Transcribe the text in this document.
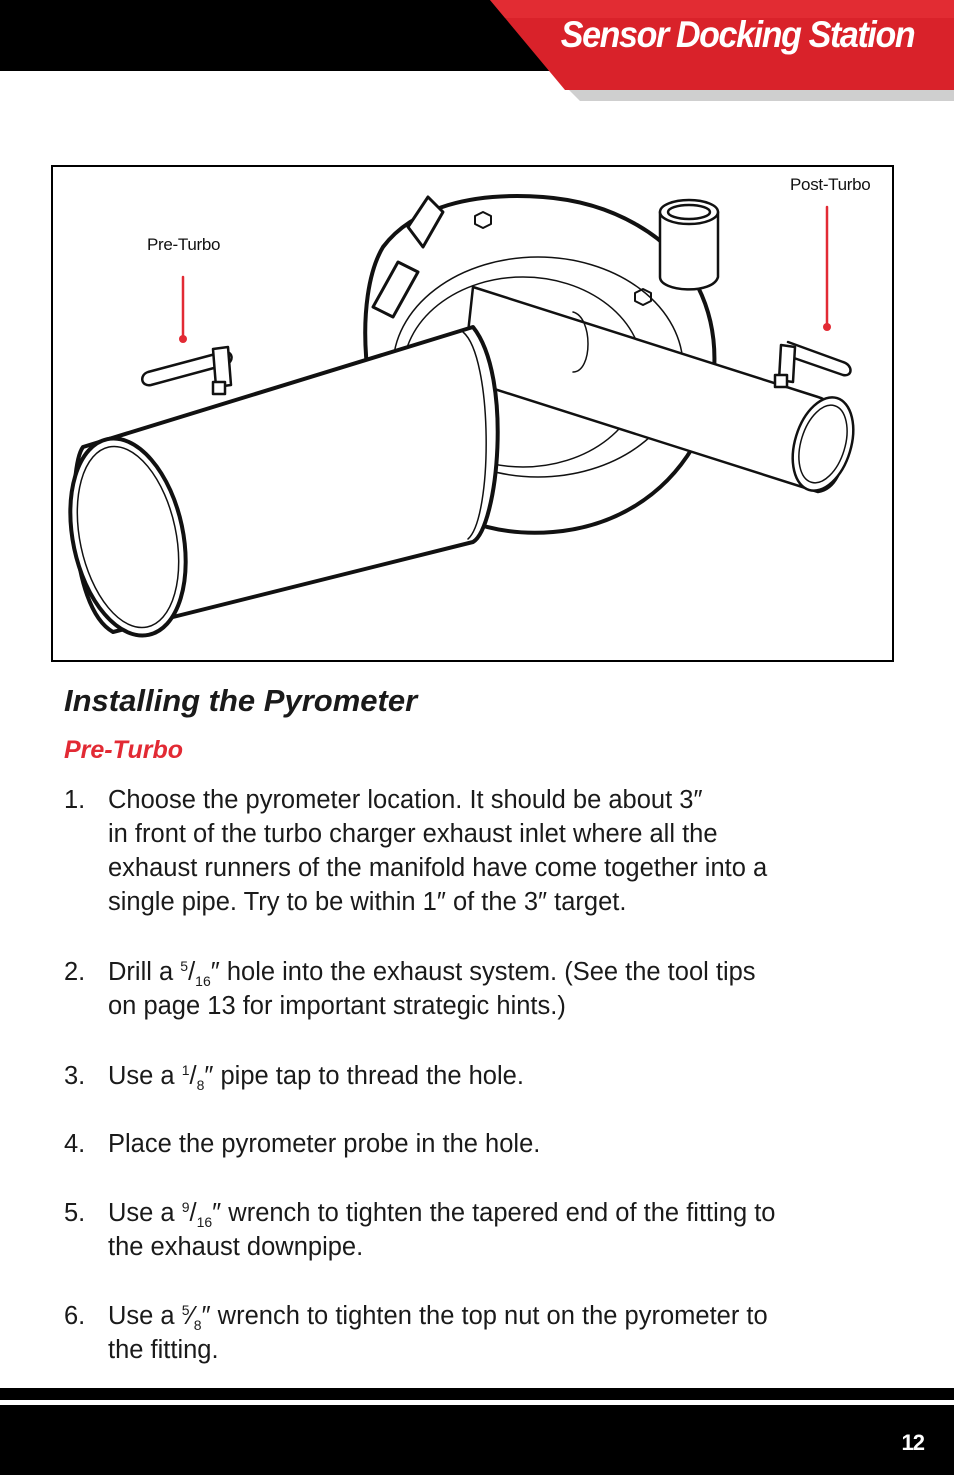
Sensor Docking Station
Pre-Turbo
Post-Turbo
Installing the Pyrometer
Pre-Turbo
1. Choose the pyrometer location. It should be about 3″
in front of the turbo charger exhaust inlet where all the
exhaust runners of the manifold have come together into a
single pipe. Try to be within 1″ of the 3″ target.
2. Drill a $^5/_{16}''$ hole into the exhaust system. (See the tool tips
on page 13 for important strategic hints.)
3. Use a $^1/_8''$ pipe tap to thread the hole.
4. Place the pyrometer probe in the hole.
5. Use a $^9/_{16}''$ wrench to tighten the tapered end of the fitting to
the exhaust downpipe.
6. Use a $^5⁄_8''$ wrench to tighten the top nut on the pyrometer to
the fitting.
12
